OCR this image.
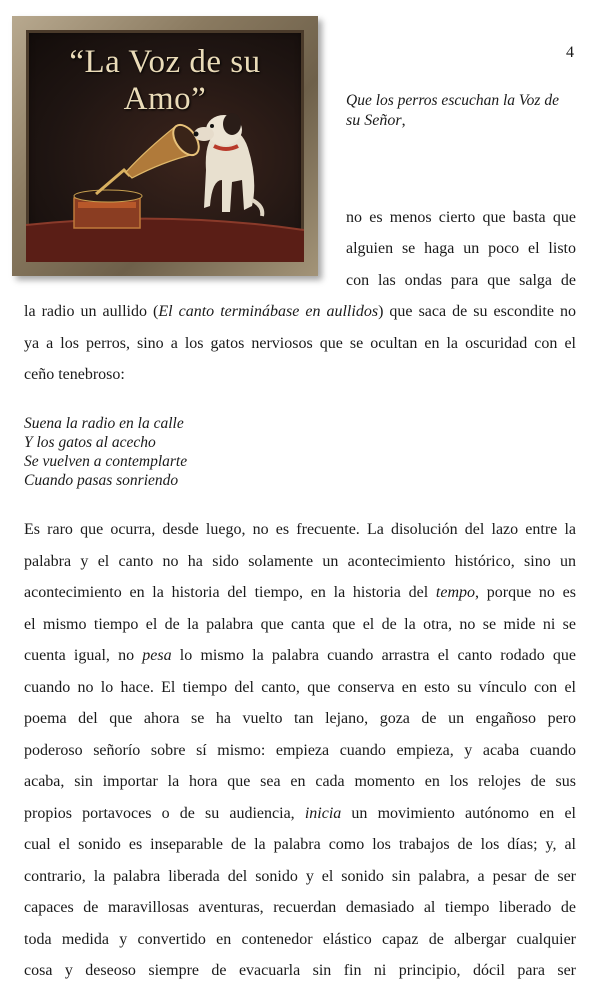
4

“La Voz de su Amo”	Que los perros escuchan la Voz de

su Señor,

no es menos cierto que basta que

alguien se haga un poco el listo

con las ondas para que salga de

la radio un aullido (El canto terminábase en aullidos) que saca de su escondite no

ya a los perros, sino a los gatos nerviosos que se ocultan en la oscuridad con el

ceño tenebroso:

Suena la radio en la calle

Y los gatos al acecho

Se vuelven a contemplarte

Cuando pasas sonriendo

Es raro que ocurra, desde luego, no es frecuente. La disolución del lazo entre la

palabra y el canto no ha sido solamente un acontecimiento histórico, sino un

acontecimiento en la historia del tiempo, en la historia del tempo, porque no es

el mismo tiempo el de la palabra que canta que el de la otra, no se mide ni se

cuenta igual, no pesa lo mismo la palabra cuando arrastra el canto rodado que

cuando no lo hace. El tiempo del canto, que conserva en esto su vínculo con el

poema del que ahora se ha vuelto tan lejano, goza de un engañoso pero

poderoso señorío sobre sí mismo: empieza cuando empieza, y acaba cuando

acaba, sin importar la hora que sea en cada momento en los relojes de sus

propios portavoces o de su audiencia, inicia un movimiento autónomo en el

cual el sonido es inseparable de la palabra como los trabajos de los días; y, al

contrario, la palabra liberada del sonido y el sonido sin palabra, a pesar de ser

capaces de maravillosas aventuras, recuerdan demasiado al tiempo liberado de

toda medida y convertido en contenedor elástico capaz de albergar cualquier

cosa y deseoso siempre de evacuarla sin fin ni principio, dócil para ser
